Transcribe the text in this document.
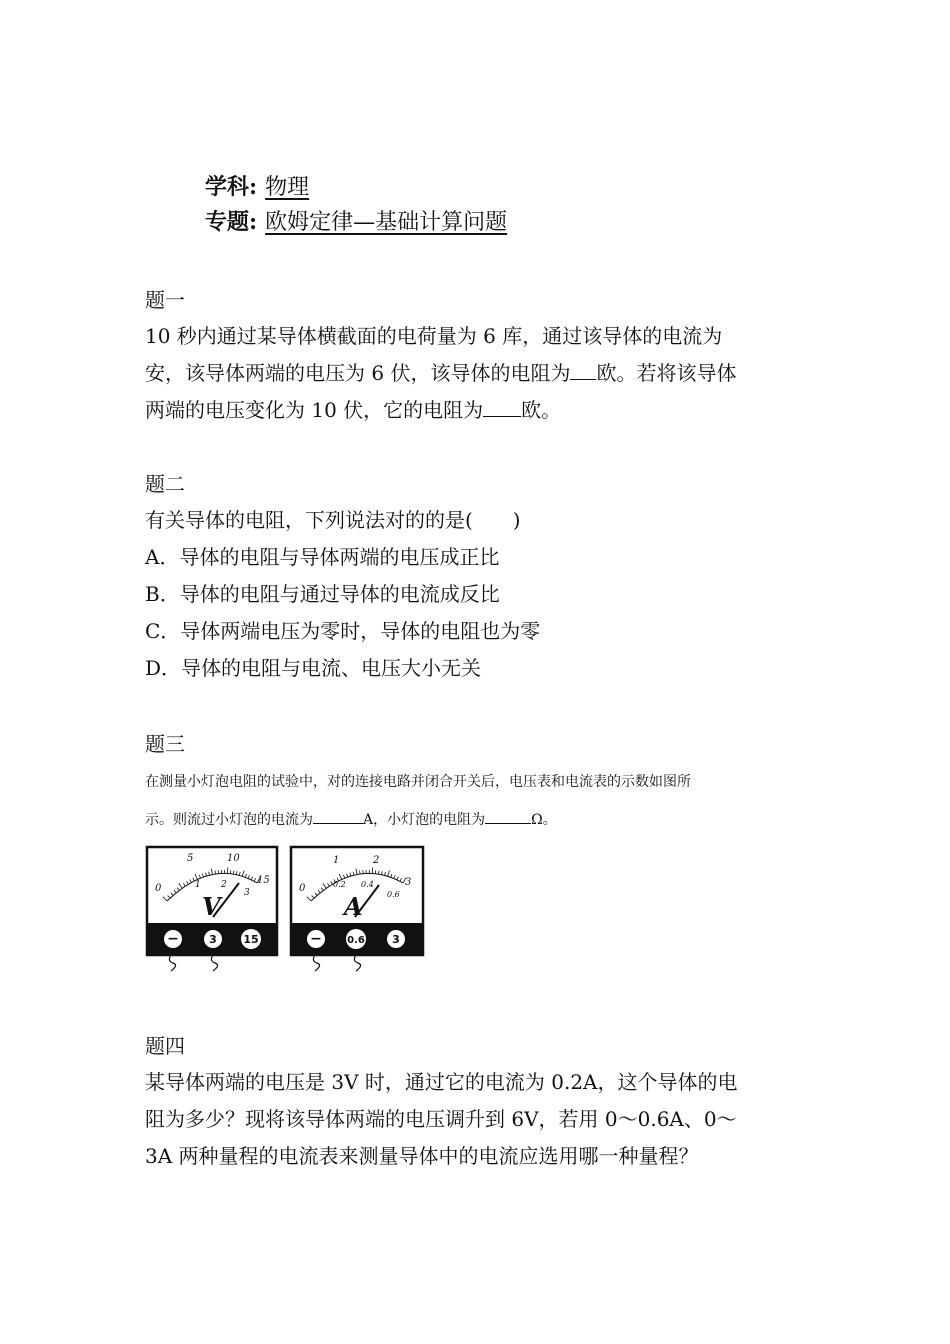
学科: 物理
专题: 欧姆定律—基础计算问题
题一

10 秒内通过某导体横截面的电荷量为 6 库，通过该导体的电流为

安，该导体两端的电压为 6 伏，该导体的电阻为 欧。若将该导体

两端的电压变化为 10 伏，它的电阻为 欧。

题二
有关导体的电阻，下列说法对的的是(　　)
A．导体的电阻与导体两端的电压成正比
B．导体的电阻与通过导体的电流成反比
C．导体两端电压为零时，导体的电阻也为零
D．导体的电阻与电流、电压大小无关
题三

在测量小灯泡电阻的试验中，对的连接电路并闭合开关后，电压表和电流表的示数如图所

示。则流过小灯泡的电流为	A，小灯泡的电阻为	Ω。

0
5	10
15
1 2
3
V
−	3 15
0
1	2
3
0.2 0.4
0.6
A
−	0.6 3
题四

某导体两端的电压是 3V 时，通过它的电流为 0.2A，这个导体的电

阻为多少？现将该导体两端的电压调升到 6V，若用 0～0.6A、0～

3A 两种量程的电流表来测量导体中的电流应选用哪一种量程？
